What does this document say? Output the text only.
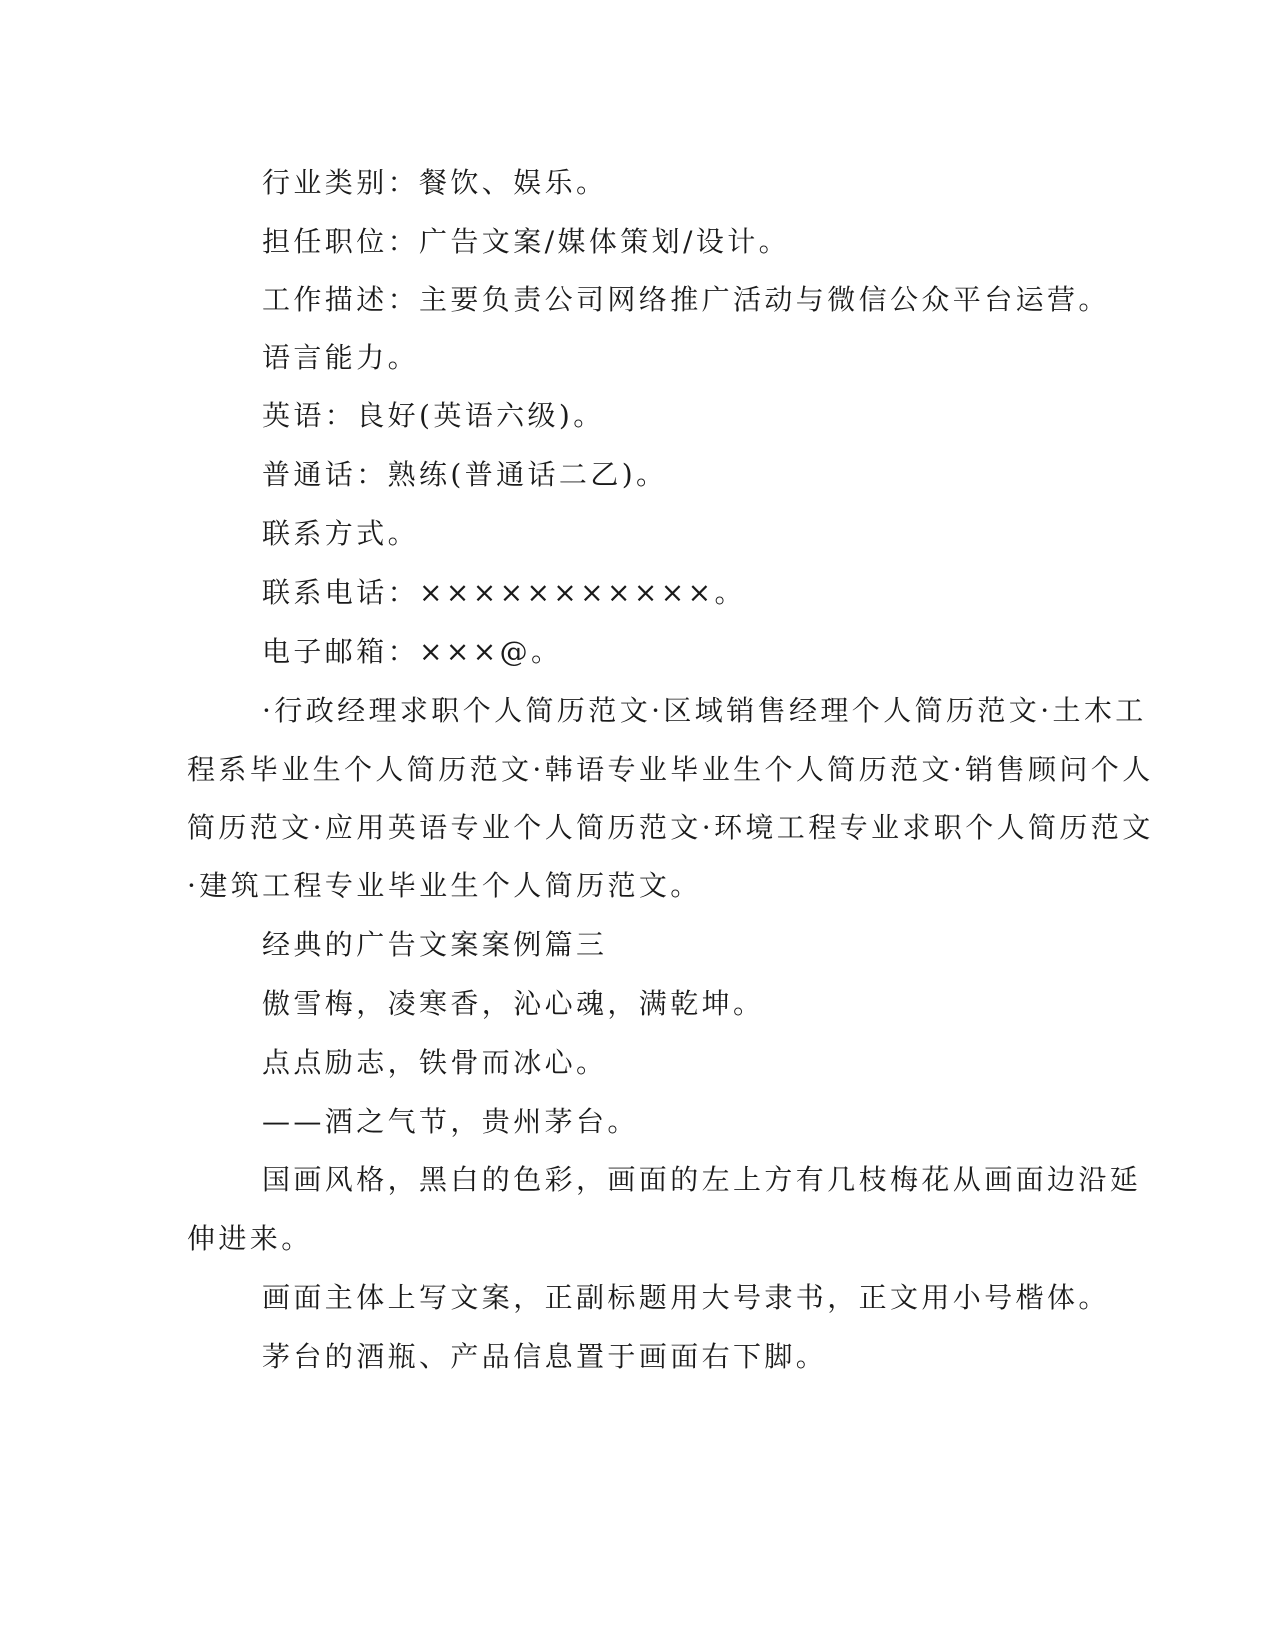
行业类别：餐饮、娱乐。
担任职位：广告文案/媒体策划/设计。
工作描述：主要负责公司网络推广活动与微信公众平台运营。
语言能力。
英语：良好(英语六级)。
普通话：熟练(普通话二乙)。
联系方式。
联系电话：×××××××××××。
电子邮箱：×××@。
·行政经理求职个人简历范文·区域销售经理个人简历范文·土木工
程系毕业生个人简历范文·韩语专业毕业生个人简历范文·销售顾问个人
简历范文·应用英语专业个人简历范文·环境工程专业求职个人简历范文
·建筑工程专业毕业生个人简历范文。
经典的广告文案案例篇三
傲雪梅，凌寒香，沁心魂，满乾坤。
点点励志，铁骨而冰心。
——酒之气节，贵州茅台。
国画风格，黑白的色彩，画面的左上方有几枝梅花从画面边沿延
伸进来。
画面主体上写文案，正副标题用大号隶书，正文用小号楷体。
茅台的酒瓶、产品信息置于画面右下脚。
